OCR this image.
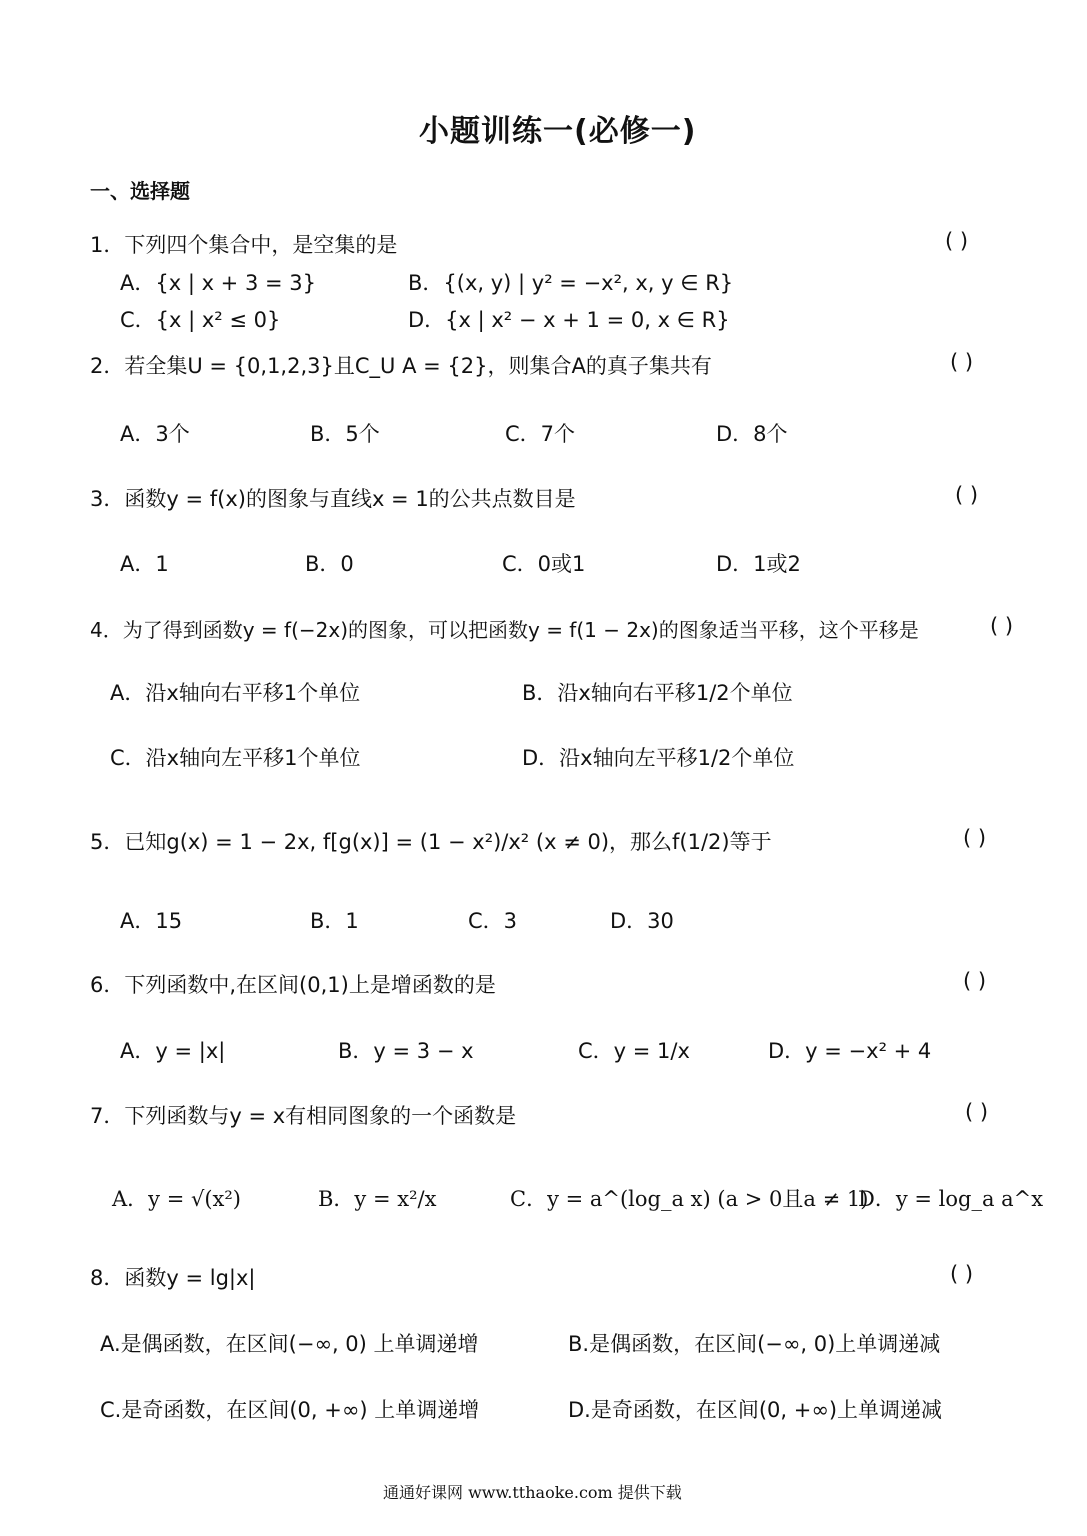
小题训练一(必修一)
一、选择题
1．下列四个集合中，是空集的是	( )
A．{x | x + 3 = 3}	B．{(x, y) | y² = −x², x, y ∈ R}
C．{x | x² ≤ 0}	D．{x | x² − x + 1 = 0, x ∈ R}
2．若全集U = {0,1,2,3}且C_U A = {2}，则集合A的真子集共有	( )
A．3个	B．5个	C．7个	D．8个
3．函数y = f(x)的图象与直线x = 1的公共点数目是	( )
A．1	B．0	C．0或1	D．1或2
4．为了得到函数y = f(−2x)的图象，可以把函数y = f(1 − 2x)的图象适当平移，这个平移是	( )
A．沿x轴向右平移1个单位	B．沿x轴向右平移1/2个单位
C．沿x轴向左平移1个单位	D．沿x轴向左平移1/2个单位
5．已知g(x) = 1 − 2x, f[g(x)] = (1 − x²)/x² (x ≠ 0)，那么f(1/2)等于	( )
A．15	B．1	C．3	D．30
6．下列函数中,在区间(0,1)上是增函数的是	( )
A．y = |x|	B．y = 3 − x	C．y = 1/x	D．y = −x² + 4
7．下列函数与y = x有相同图象的一个函数是	( )
A．y = √(x²)	B．y = x²/x	C．y = a^(log_a x) (a > 0且a ≠ 1)
D．y = log_a a^x
8．函数y = lg|x|	( )
A.是偶函数，在区间(−∞, 0) 上单调递增	B.是偶函数，在区间(−∞, 0)上单调递减
C.是奇函数，在区间(0, +∞) 上单调递增	D.是奇函数，在区间(0, +∞)上单调递减
通通好课网 www.tthaoke.com 提供下载
